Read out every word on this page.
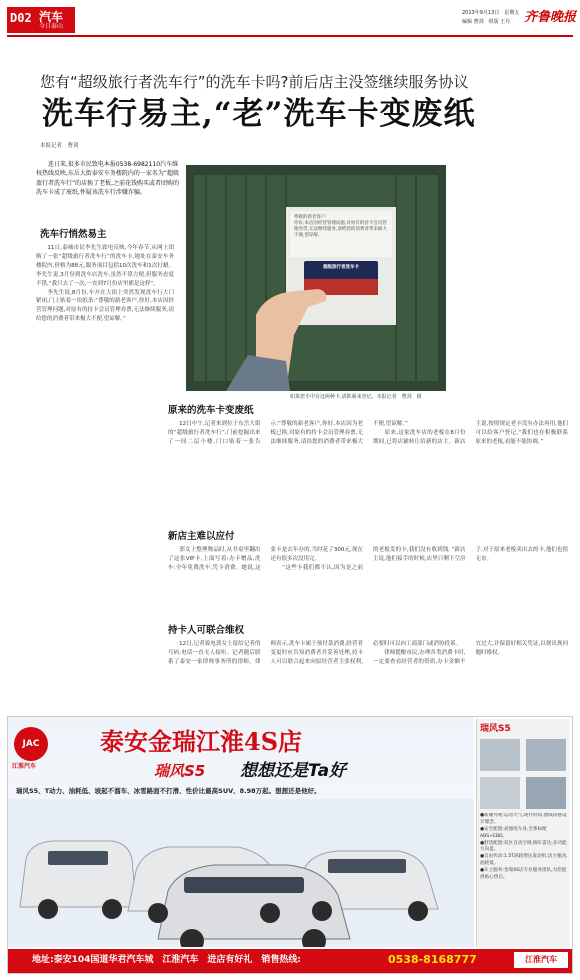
D02 汽车
今日泰山
2013年9月13日　星期五
编辑 曹剑　组版 王丹 齐鲁晚报
您有“超级旅行者洗车行”的洗车卡吗?前后店主没签继续服务协议
洗车行易主,“老”洗车卡变废纸
本报记者　曹剑
　　连日来,很多市民致电本报0538-6982110汽车维权热线反映,东岳大街泰安车务楼院内的一家名为“超级旅行者洗车行”的店换了老板,之前花钱购买或者团购的洗车卡成了废纸,怀疑该洗车行涉嫌诈骗。
尊敬的新老客户:
你好,本店因经营管理问题,对原有的持卡会员管理券票,无法继续服务,请给您的消费者带来极大不便,望谅解。
超级旅行者洗车卡
如果您手中有这两种卡,请抓紧来登记。本报记者　曹剑　摄
洗车行悄然易主
　　11日,泰城市民李先生致电反映,今年春节,从网上团购了一张“超级旅行者洗车行”的洗车卡,地址在泰安车务楼院内,价格为88元,服务项目包括10次洗车和1次打蜡。李先生说,3月份到洗车店洗车,虽然不算方便,但服务态度不错,“我只去了一次,一直到7月份店里都是这样”。
　　李先生说,8月份,车开在大街上突然发现洗车行大门紧闭,门上贴着一块纸条:“尊敬的新老客户,你好,本店因经营管理问题,对原有的持卡会员管理券票,无法继续服务,请给您的消费者带来极大不便,望谅解。”
原来的洗车卡变废纸
　　12日中午,记者来到位于东岳大街的“超级旅行者洗车行”,门前挖掘出来了一间二层小楼,门口贴着一张告示:“尊敬的新老客户,你好,本店因为老板已换,对原有的持卡会员管理券票,无法继续服务,请给您的消费者带来极大不便,望谅解。”
　　原来,这家洗车店的老板在8月份期间,已将店铺转让给新的店主。新店主说,按照规定老卡没有办法再用,他们可以给客户登记,“我们也在积极联系原来的老板,看能不能协调。”
新店主难以应付
　　郭女士整理物品时,从书桌里翻出了这张VIP卡,上面写着:办卡赠品,洗车:全年免费洗车,凭卡消费。她说,这张卡是去年办的,当时花了300元,现在还有很多次没用完。
　　“这些卡我们都不认,因为是之前的老板发的卡,我们没有收到钱。”新店主说,他们接手的时候,店里只剩下空房子,对于原来老板卖出去的卡,他们也很无奈。
持卡人可联合维权
　　12日,记者致电郭女士留给记者的号码,电话一直无人接听。记者随后联系了泰安一家律师事务所的律师。律师表示,洗车卡属于预付款消费,经营者变更时应告知消费者并妥善处理,持卡人可以联合起来向原经营者主张权利,必要时可以向工商部门或消协投诉。
　　律师提醒市民,办理各类消费卡时,一定要查看经营者的资质,办卡金额不宜过大,并保留好相关凭证,以便出现问题时维权。
JAC
江淮汽车
泰安金瑞江淮4S店
瑞风S5 想想还是Ta好
瑞风S5、T动力、油耗低、坡起不溜车、冰雪路面不打滑、性价比最高SUV、8.98万起。想想还是他好。
地址:泰安104国道华君汽车城　江淮汽车　进店有好礼　销售热线:	0538-8168777	江淮汽车
瑞风S5
●新潮外观:运动大气,现代时尚,流线动感设计理念。
●安全配置:高强度车身,全系标配ABS+EBD。
●舒适配置:双区自动空调,倒车雷达,多功能方向盘。
●自由传动:1.5T涡轮增压发动机,动力强劲,油耗低。
●车主服务:金瑞4S店专业服务团队,为您提供贴心售后。
